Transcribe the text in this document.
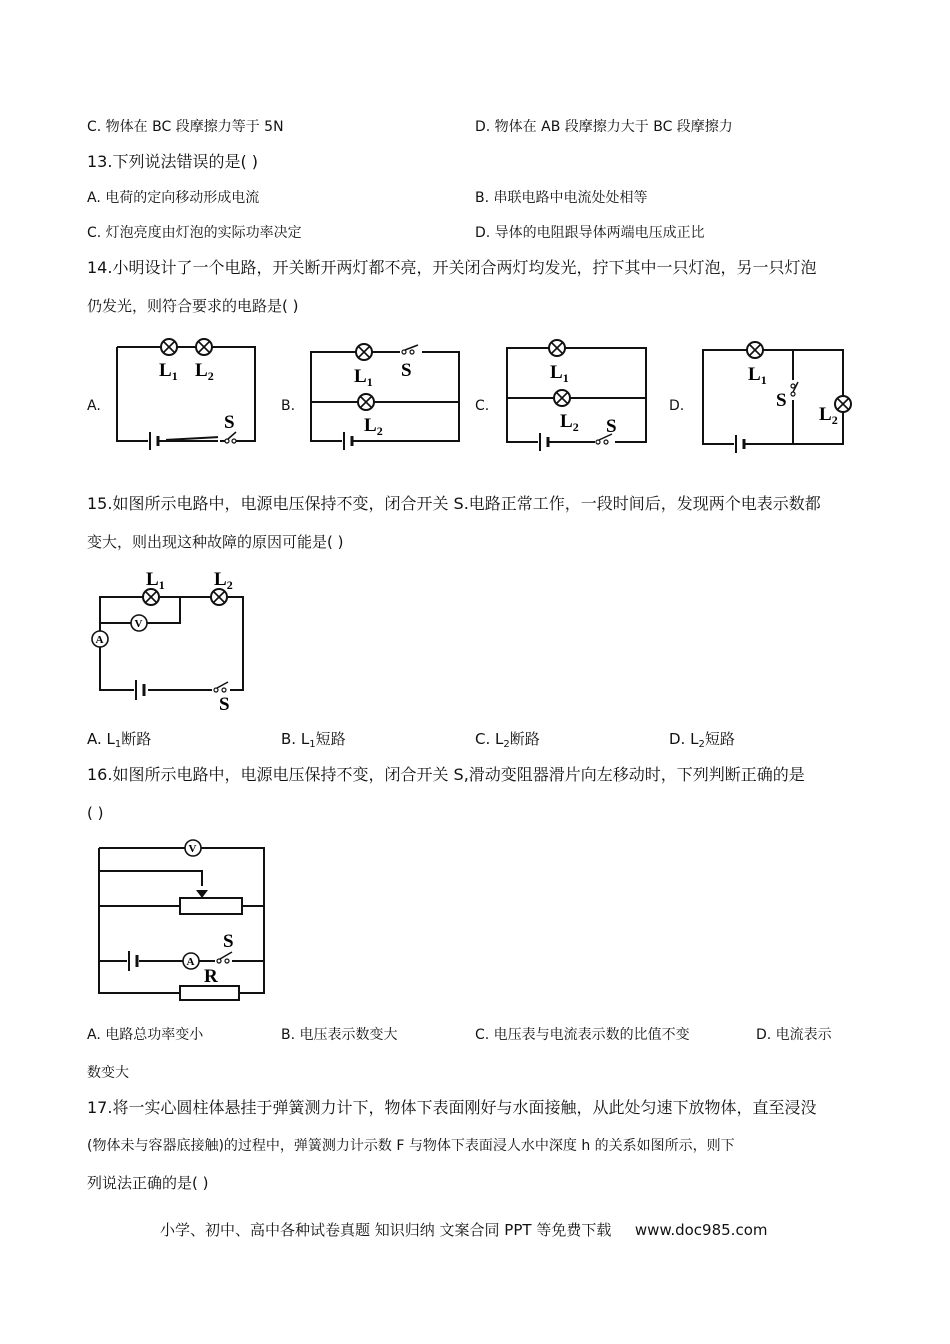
C. 物体在 BC 段摩擦力等于 5N	D. 物体在 AB 段摩擦力大于 BC 段摩擦力
13.下列说法错误的是( )
A. 电荷的定向移动形成电流	B. 串联电路中电流处处相等
C. 灯泡亮度由灯泡的实际功率决定	D. 导体的电阻跟导体两端电压成正比
14.小明设计了一个电路，开关断开两灯都不亮，开关闭合两灯均发光，拧下其中一只灯泡，另一只灯泡
仍发光，则符合要求的电路是( )
A.	B.	C.	D.
$L_1$ $L_2$
S
$L_1$
S
$L_2$
$L_1$
$L_2$ S
$L_1$
S
$L_2$
15.如图所示电路中，电源电压保持不变，闭合开关 S.电路正常工作，一段时间后，发现两个电表示数都
变大，则出现这种故障的原因可能是( )
V
A
$L_1$	$L_2$
S
A. $L_1$断路	B. $L_1$短路	C. $L_2$断路	D. $L_2$短路
16.如图所示电路中，电源电压保持不变，闭合开关 S,滑动变阻器滑片向左移动时，下列判断正确的是
( )
V
A
S
R
A. 电路总功率变小	B. 电压表示数变大	C. 电压表与电流表示数的比值不变	D. 电流表示
数变大
17.将一实心圆柱体悬挂于弹簧测力计下，物体下表面刚好与水面接触，从此处匀速下放物体，直至浸没
(物体未与容器底接触)的过程中，弹簧测力计示数 F 与物体下表面浸人水中深度 h 的关系如图所示，则下
列说法正确的是( )
小学、初中、高中各种试卷真题 知识归纳 文案合同 PPT 等免费下载 www.doc985.com
